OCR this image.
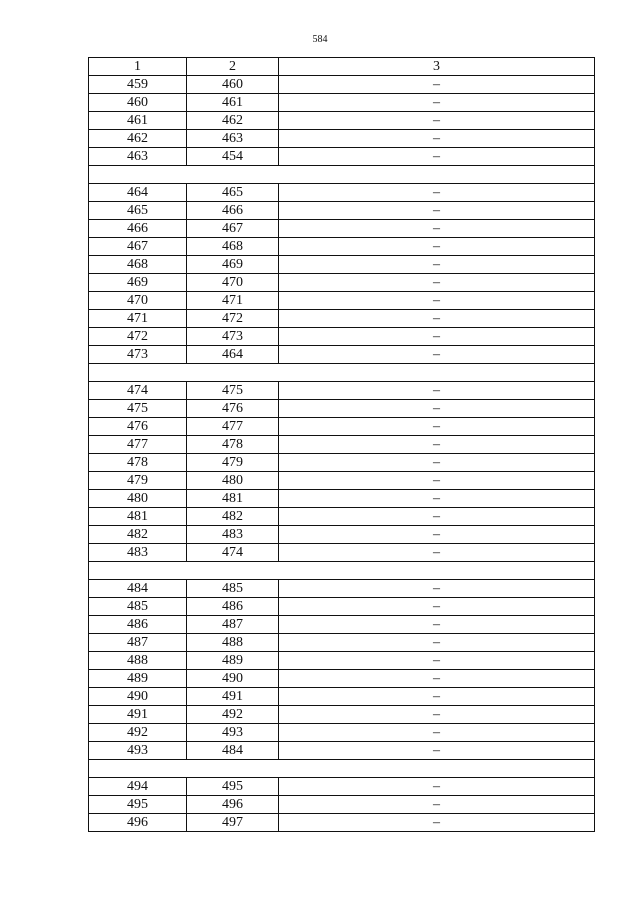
584
1	2	3
459	460	–
460	461	–
461	462	–
462	463	–
463	454	–

464	465	–
465	466	–
466	467	–
467	468	–
468	469	–
469	470	–
470	471	–
471	472	–
472	473	–
473	464	–

474	475	–
475	476	–
476	477	–
477	478	–
478	479	–
479	480	–
480	481	–
481	482	–
482	483	–
483	474	–

484	485	–
485	486	–
486	487	–
487	488	–
488	489	–
489	490	–
490	491	–
491	492	–
492	493	–
493	484	–

494	495	–
495	496	–
496	497	–
